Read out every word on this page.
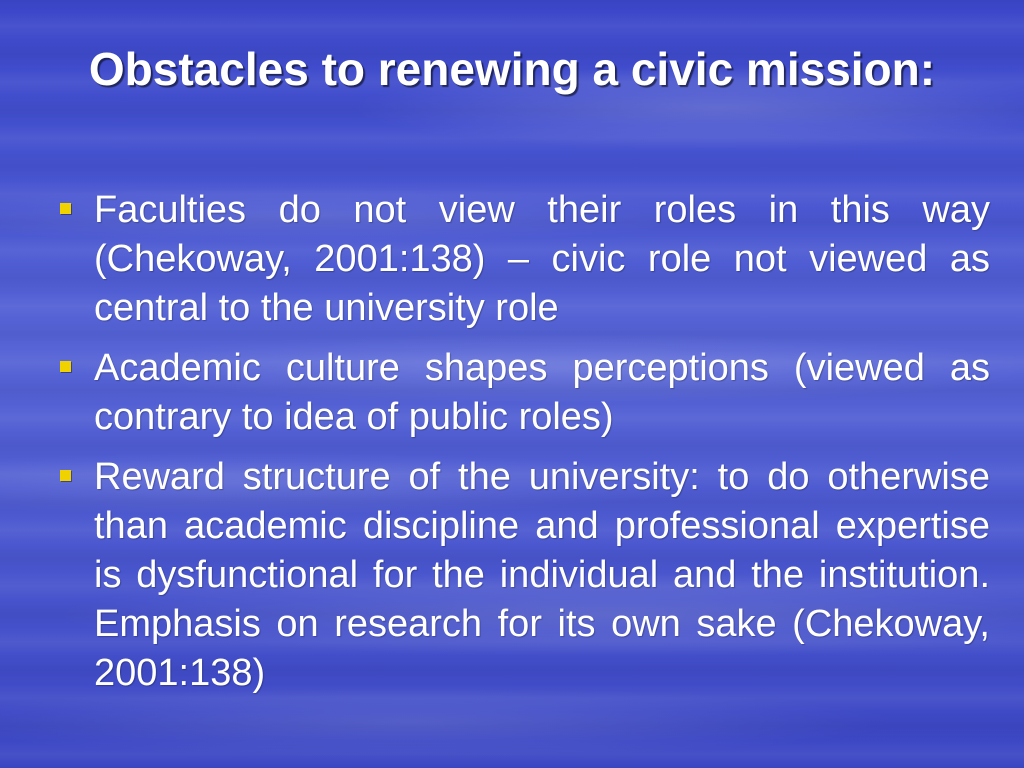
Obstacles to renewing a civic mission:
Faculties do not view their roles in this way (Chekoway, 2001:138) – civic role not viewed as central to the university role
Academic culture shapes perceptions (viewed as contrary to idea of public roles)
Reward structure of the university: to do otherwise than academic discipline and professional expertise is dysfunctional for the individual and the institution. Emphasis on research for its own sake (Chekoway, 2001:138)
